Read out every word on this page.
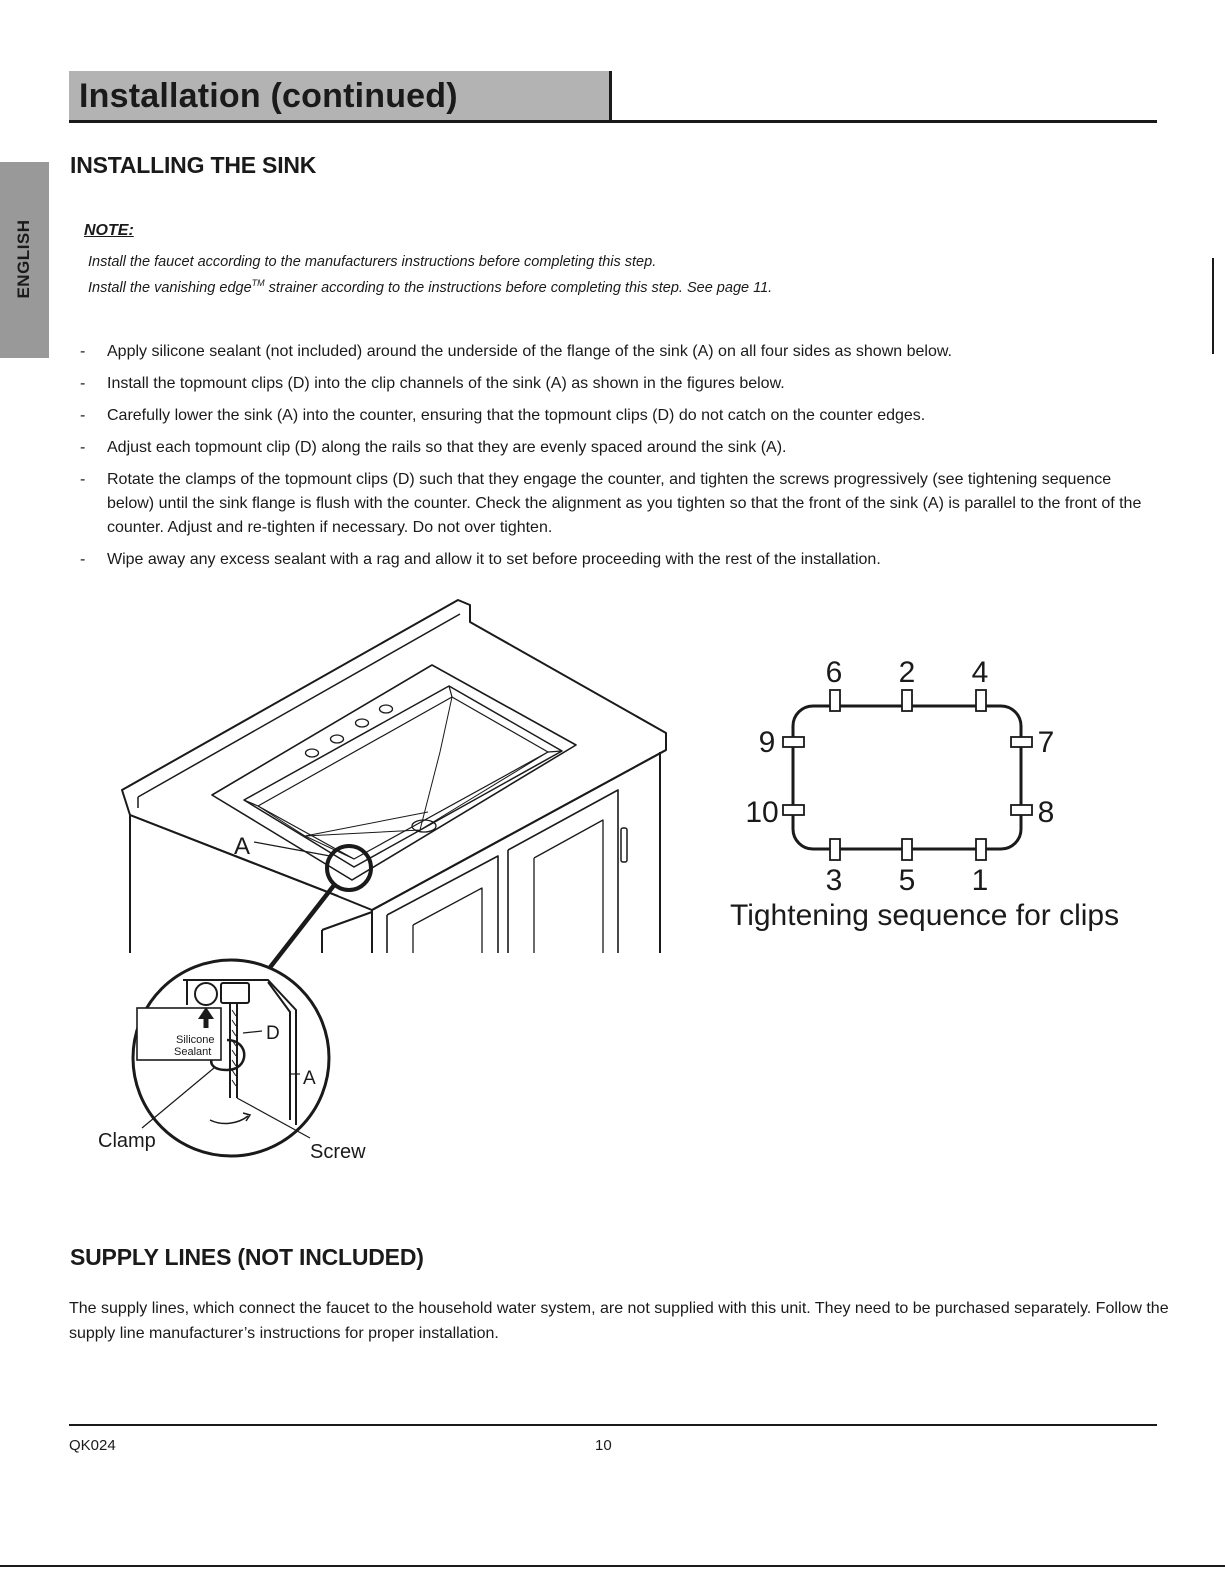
Installation (continued)
ENGLISH
INSTALLING THE SINK
NOTE:
Install the faucet according to the manufacturers instructions before completing this step.
Install the vanishing edge™ strainer according to the instructions before completing this step. See page 11.
- Apply silicone sealant (not included) around the underside of the flange of the sink (A) on all four sides as shown below.
- Install the topmount clips (D) into the clip channels of the sink (A) as shown in the figures below.
- Carefully lower the sink (A) into the counter, ensuring that the topmount clips (D) do not catch on the counter edges.
- Adjust each topmount clip (D) along the rails so that they are evenly spaced around the sink (A).
- Rotate the clamps of the topmount clips (D) such that they engage the counter, and tighten the screws progressively (see tightening sequence below) until the sink flange is flush with the counter. Check the alignment as you tighten so that the front of the sink (A) is parallel to the front of the counter. Adjust and re-tighten if necessary. Do not over tighten.
- Wipe away any excess sealant with a rag and allow it to set before proceeding with the rest of the installation.
A
Silicone
Sealant
D
A
Clamp	Screw
6 2 4
3 5 1
9
10
7
8
Tightening sequence for clips
SUPPLY LINES (NOT INCLUDED)
The supply lines, which connect the faucet to the household water system, are not supplied with this unit. They need to be purchased separately. Follow the supply line manufacturer’s instructions for proper installation.
QK024	10
